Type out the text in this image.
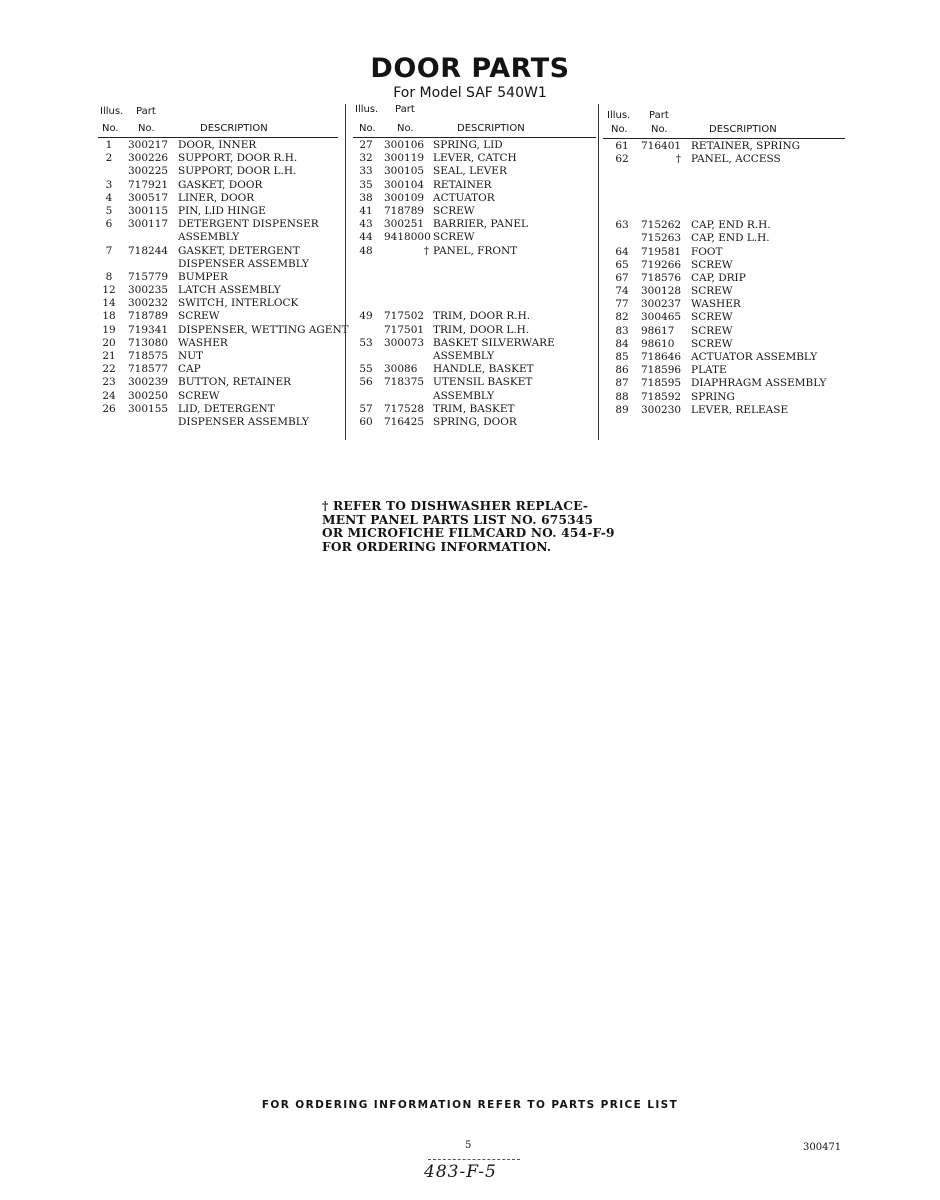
DOOR PARTS
For Model SAF 540W1
Illus. Part
No. No.	DESCRIPTION
1	300217 DOOR, INNER
2	300226 SUPPORT, DOOR R.H.
300225 SUPPORT, DOOR L.H.
3	717921 GASKET, DOOR
4	300517 LINER, DOOR
5	300115 PIN, LID HINGE
6	300117 DETERGENT DISPENSER
ASSEMBLY
7	718244 GASKET, DETERGENT
DISPENSER ASSEMBLY
8	715779 BUMPER
12	300235 LATCH ASSEMBLY
14	300232 SWITCH, INTERLOCK
18	718789 SCREW
19	719341 DISPENSER, WETTING AGENT
20	713080 WASHER
21	718575 NUT
22	718577 CAP
23	300239 BUTTON, RETAINER
24	300250 SCREW
26	300155 LID, DETERGENT
DISPENSER ASSEMBLY
Illus. Part
No. No.	DESCRIPTION
27	300106 SPRING, LID
32	300119 LEVER, CATCH
33	300105 SEAL, LEVER
35	300104 RETAINER
38	300109 ACTUATOR
41	718789 SCREW
43	300251 BARRIER, PANEL
44	9418000 SCREW
48	† PANEL, FRONT
49	717502 TRIM, DOOR R.H.
717501 TRIM, DOOR L.H.
53	300073 BASKET SILVERWARE
ASSEMBLY
55	30086 HANDLE, BASKET
56	718375 UTENSIL BASKET
ASSEMBLY
57	717528 TRIM, BASKET
60	716425 SPRING, DOOR
Illus. Part
No. No.	DESCRIPTION
61	716401 RETAINER, SPRING
62	† PANEL, ACCESS
63	715262 CAP, END R.H.
715263 CAP, END L.H.
64	719581 FOOT
65	719266 SCREW
67	718576 CAP, DRIP
74	300128 SCREW
77	300237 WASHER
82	300465 SCREW
83	98617 SCREW
84	98610 SCREW
85	718646 ACTUATOR ASSEMBLY
86	718596 PLATE
87	718595 DIAPHRAGM ASSEMBLY
88	718592 SPRING
89	300230 LEVER, RELEASE
† REFER TO DISHWASHER REPLACE-
MENT PANEL PARTS LIST NO. 675345
OR MICROFICHE FILMCARD NO. 454-F-9
FOR ORDERING INFORMATION.
FOR ORDERING INFORMATION REFER TO PARTS PRICE LIST
5	300471
483-F-5
